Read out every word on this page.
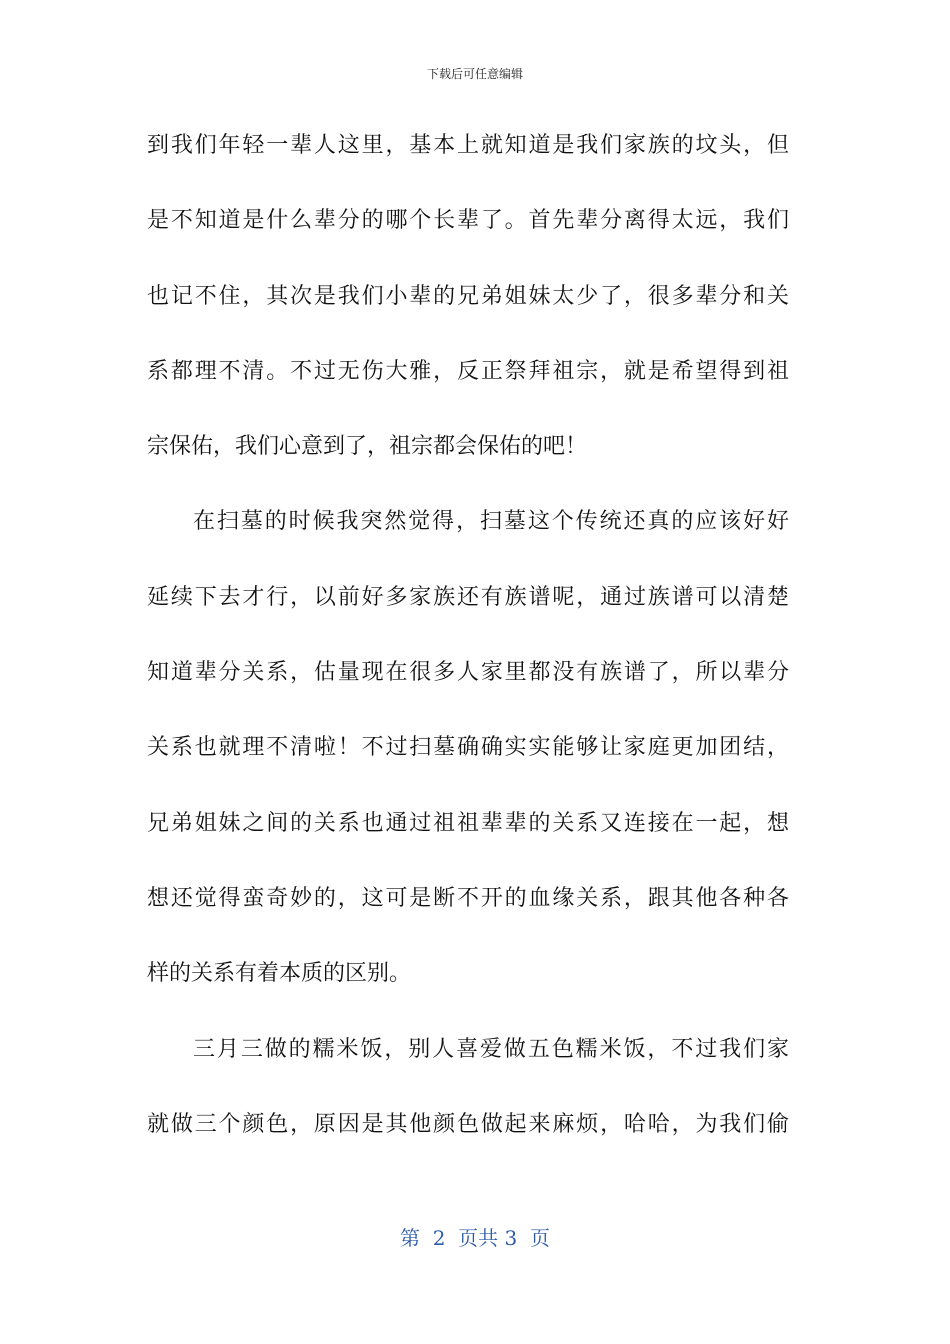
下载后可任意编辑
到我们年轻一辈人这里，基本上就知道是我们家族的坟头，但
是不知道是什么辈分的哪个长辈了。首先辈分离得太远，我们
也记不住，其次是我们小辈的兄弟姐妹太少了，很多辈分和关
系都理不清。不过无伤大雅，反正祭拜祖宗，就是希望得到祖
宗保佑，我们心意到了，祖宗都会保佑的吧！
在扫墓的时候我突然觉得，扫墓这个传统还真的应该好好
延续下去才行，以前好多家族还有族谱呢，通过族谱可以清楚
知道辈分关系，估量现在很多人家里都没有族谱了，所以辈分
关系也就理不清啦！不过扫墓确确实实能够让家庭更加团结，
兄弟姐妹之间的关系也通过祖祖辈辈的关系又连接在一起，想
想还觉得蛮奇妙的，这可是断不开的血缘关系，跟其他各种各
样的关系有着本质的区别。
三月三做的糯米饭，别人喜爱做五色糯米饭，不过我们家
就做三个颜色，原因是其他颜色做起来麻烦，哈哈，为我们偷
第  2  页共 3  页
